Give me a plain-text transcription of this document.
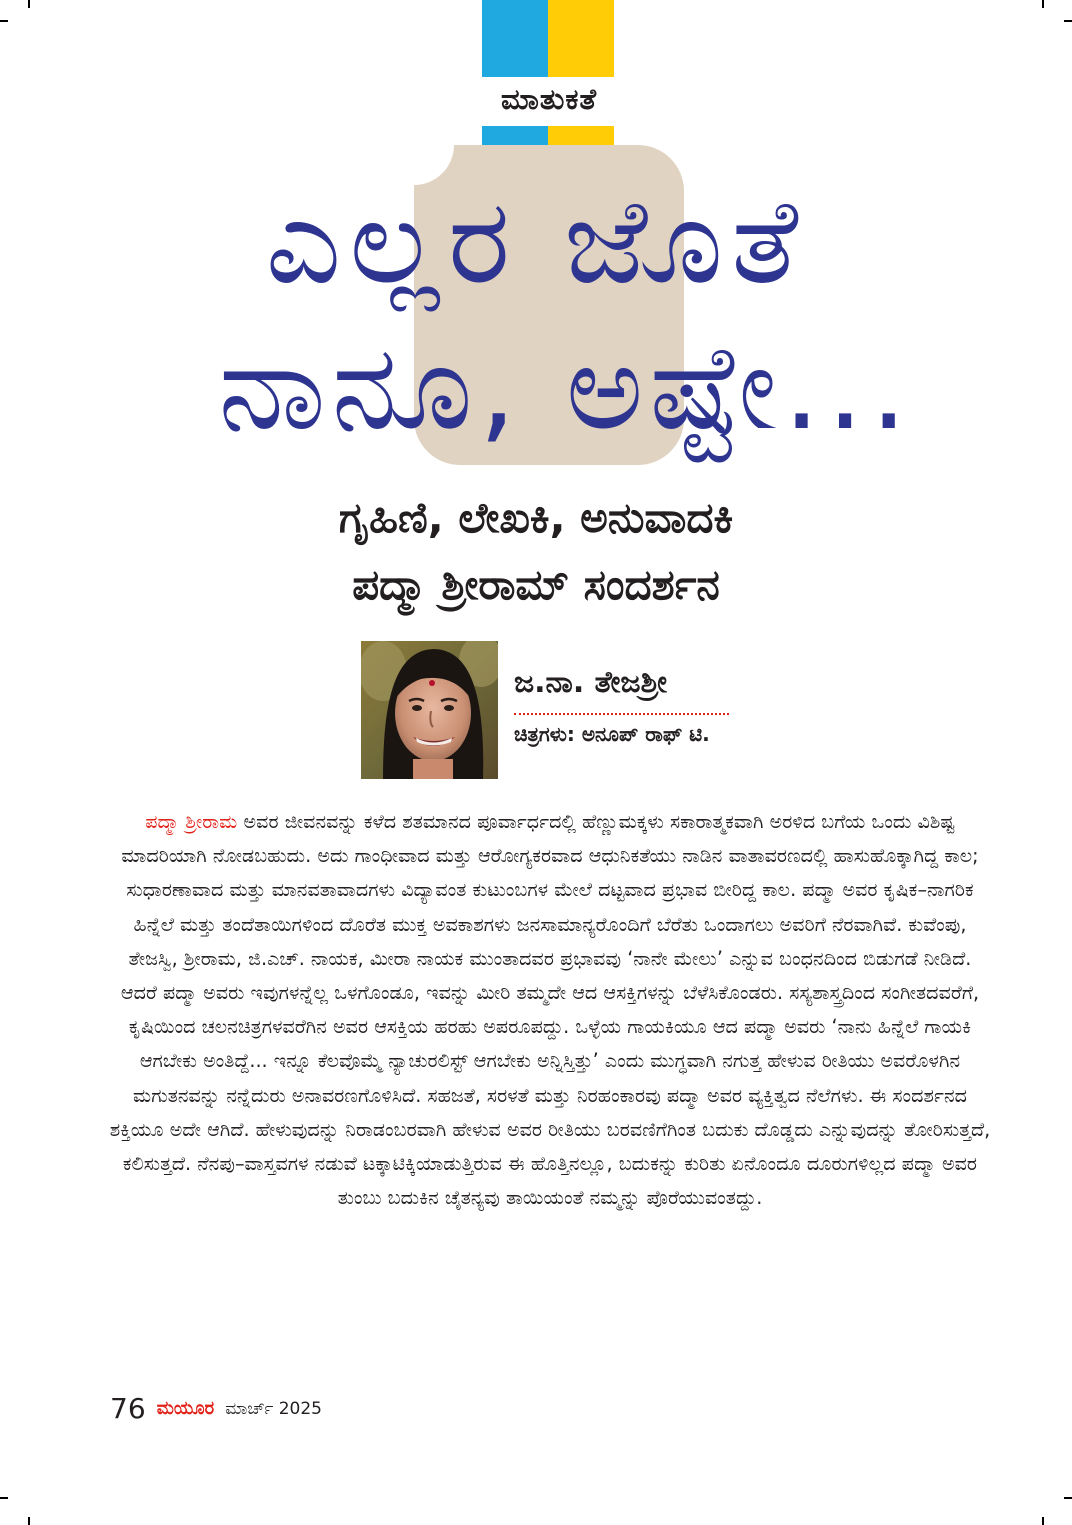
ಮಾತುಕತೆ
ಎಲ್ಲರ ಜೊತೆ
ನಾನೂ, ಅಷ್ಟೇ...
ಗೃಹಿಣಿ, ಲೇಖಕಿ, ಅನುವಾದಕಿ
ಪದ್ಮಾ ಶ್ರೀರಾಮ್ ಸಂದರ್ಶನ
ಜ.ನಾ. ತೇಜಶ್ರೀ
ಚಿತ್ರಗಳು: ಅನೂಪ್ ರಾಫ್ ಟಿ.
ಪದ್ಮಾ ಶ್ರೀರಾಮ ಅವರ ಜೀವನವನ್ನು ಕಳೆದ ಶತಮಾನದ ಪೂರ್ವಾರ್ಧದಲ್ಲಿ ಹೆಣ್ಣುಮಕ್ಕಳು ಸಕಾರಾತ್ಮಕವಾಗಿ ಅರಳಿದ ಬಗೆಯ ಒಂದು ವಿಶಿಷ್ಟ ಮಾದರಿಯಾಗಿ ನೋಡಬಹುದು. ಅದು ಗಾಂಧೀವಾದ ಮತ್ತು ಆರೋಗ್ಯಕರವಾದ ಆಧುನಿಕತೆಯು ನಾಡಿನ ವಾತಾವರಣದಲ್ಲಿ ಹಾಸುಹೊಕ್ಕಾಗಿದ್ದ ಕಾಲ; ಸುಧಾರಣಾವಾದ ಮತ್ತು ಮಾನವತಾವಾದಗಳು ವಿದ್ಯಾವಂತ ಕುಟುಂಬಗಳ ಮೇಲೆ ದಟ್ಟವಾದ ಪ್ರಭಾವ ಬೀರಿದ್ದ ಕಾಲ. ಪದ್ಮಾ ಅವರ ಕೃಷಿಕ–ನಾಗರಿಕ ಹಿನ್ನೆಲೆ ಮತ್ತು ತಂದೆತಾಯಿಗಳಿಂದ ದೊರೆತ ಮುಕ್ತ ಅವಕಾಶಗಳು ಜನಸಾಮಾನ್ಯರೊಂದಿಗೆ ಬೆರೆತು ಒಂದಾಗಲು ಅವರಿಗೆ ನೆರವಾಗಿವೆ. ಕುವೆಂಪು, ತೇಜಸ್ವಿ, ಶ್ರೀರಾಮ, ಜಿ.ಎಚ್. ನಾಯಕ, ಮೀರಾ ನಾಯಕ ಮುಂತಾದವರ ಪ್ರಭಾವವು ‘ನಾನೇ ಮೇಲು’ ಎನ್ನುವ ಬಂಧನದಿಂದ ಬಿಡುಗಡೆ ನೀಡಿದೆ. ಆದರೆ ಪದ್ಮಾ ಅವರು ಇವುಗಳನ್ನೆಲ್ಲ ಒಳಗೊಂಡೂ, ಇವನ್ನು ಮೀರಿ ತಮ್ಮದೇ ಆದ ಆಸಕ್ತಿಗಳನ್ನು ಬೆಳೆಸಿಕೊಂಡರು. ಸಸ್ಯಶಾಸ್ತ್ರದಿಂದ ಸಂಗೀತದವರೆಗೆ, ಕೃಷಿಯಿಂದ ಚಲನಚಿತ್ರಗಳವರೆಗಿನ ಅವರ ಆಸಕ್ತಿಯ ಹರಹು ಅಪರೂಪದ್ದು. ಒಳ್ಳೆಯ ಗಾಯಕಿಯೂ ಆದ ಪದ್ಮಾ ಅವರು ‘ನಾನು ಹಿನ್ನೆಲೆ ಗಾಯಕಿ ಆಗಬೇಕು ಅಂತಿದ್ದೆ... ಇನ್ನೂ ಕೆಲವೊಮ್ಮೆ ನ್ಯಾಚುರಲಿಸ್ಟ್ ಆಗಬೇಕು ಅನ್ನಿಸ್ತಿತ್ತು’ ಎಂದು ಮುಗ್ಧವಾಗಿ ನಗುತ್ತ ಹೇಳುವ ರೀತಿಯು ಅವರೊಳಗಿನ ಮಗುತನವನ್ನು ನನ್ನೆದುರು ಅನಾವರಣಗೊಳಿಸಿದೆ. ಸಹಜತೆ, ಸರಳತೆ ಮತ್ತು ನಿರಹಂಕಾರವು ಪದ್ಮಾ ಅವರ ವ್ಯಕ್ತಿತ್ವದ ನೆಲೆಗಳು. ಈ ಸಂದರ್ಶನದ ಶಕ್ತಿಯೂ ಅದೇ ಆಗಿದೆ. ಹೇಳುವುದನ್ನು ನಿರಾಡಂಬರವಾಗಿ ಹೇಳುವ ಅವರ ರೀತಿಯು ಬರವಣಿಗೆಗಿಂತ ಬದುಕು ದೊಡ್ಡದು ಎನ್ನುವುದನ್ನು ತೋರಿಸುತ್ತದೆ, ಕಲಿಸುತ್ತದೆ. ನೆನಪು–ವಾಸ್ತವಗಳ ನಡುವೆ ಟಕ್ಕಾಟಿಕ್ಕಿಯಾಡುತ್ತಿರುವ ಈ ಹೊತ್ತಿನಲ್ಲೂ, ಬದುಕನ್ನು ಕುರಿತು ಏನೊಂದೂ ದೂರುಗಳಿಲ್ಲದ ಪದ್ಮಾ ಅವರ ತುಂಬು ಬದುಕಿನ ಚೈತನ್ಯವು ತಾಯಿಯಂತೆ ನಮ್ಮನ್ನು ಪೊರೆಯುವಂತದ್ದು.
76 ಮಯೂರ ಮಾರ್ಚ್ 2025
